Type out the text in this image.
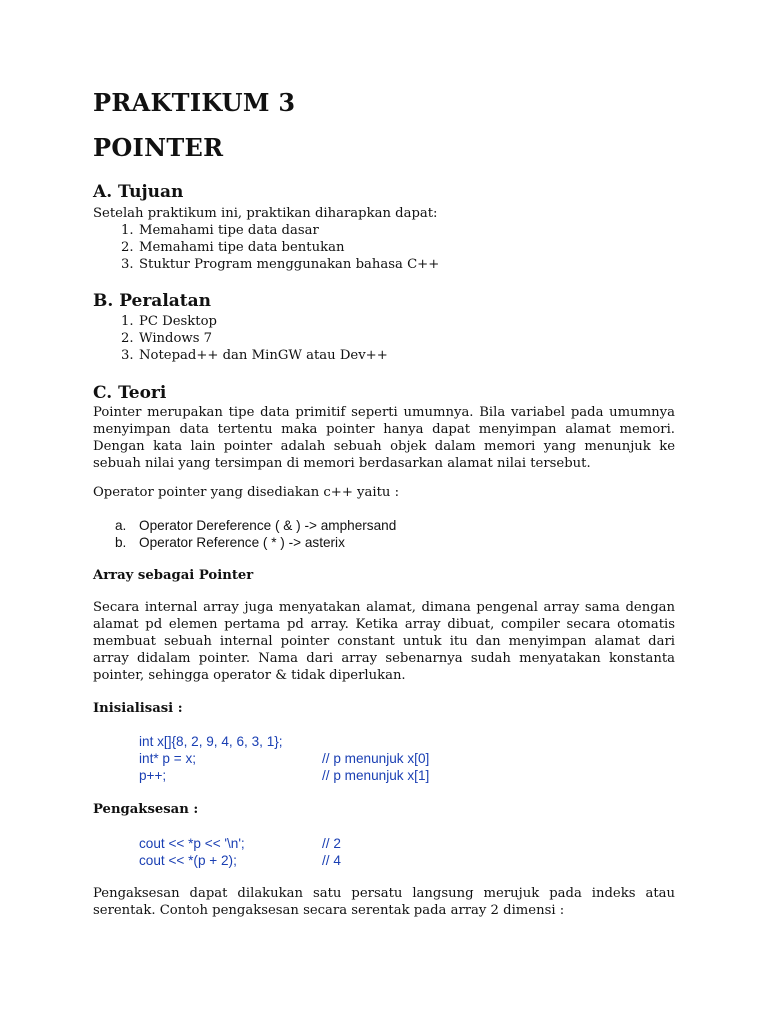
PRAKTIKUM 3
POINTER
A. Tujuan
Setelah praktikum ini, praktikan diharapkan dapat:
1. Memahami tipe data dasar
2. Memahami tipe data bentukan
3. Stuktur Program menggunakan bahasa C++
B. Peralatan
1. PC Desktop
2. Windows 7
3. Notepad++ dan MinGW atau Dev++
C. Teori
Pointer merupakan tipe data primitif seperti umumnya. Bila variabel pada umumnya
menyimpan data tertentu maka pointer hanya dapat menyimpan alamat memori.
Dengan kata lain pointer adalah sebuah objek dalam memori yang menunjuk ke
sebuah nilai yang tersimpan di memori berdasarkan alamat nilai tersebut.
Operator pointer yang disediakan c++ yaitu :
a. Operator Dereference ( & ) -> amphersand
b. Operator Reference ( * ) -> asterix
Array sebagai Pointer
Secara internal array juga menyatakan alamat, dimana pengenal array sama dengan
alamat pd elemen pertama pd array. Ketika array dibuat, compiler secara otomatis
membuat sebuah internal pointer constant untuk itu dan menyimpan alamat dari
array didalam pointer. Nama dari array sebenarnya sudah menyatakan konstanta
pointer, sehingga operator & tidak diperlukan.
Inisialisasi :
int x[]{8, 2, 9, 4, 6, 3, 1};
int* p = x;	// p menunjuk x[0]
p++;	// p menunjuk x[1]
Pengaksesan :
cout << *p << '\n';	// 2
cout << *(p + 2);	// 4
Pengaksesan dapat dilakukan satu persatu langsung merujuk pada indeks atau
serentak. Contoh pengaksesan secara serentak pada array 2 dimensi :
